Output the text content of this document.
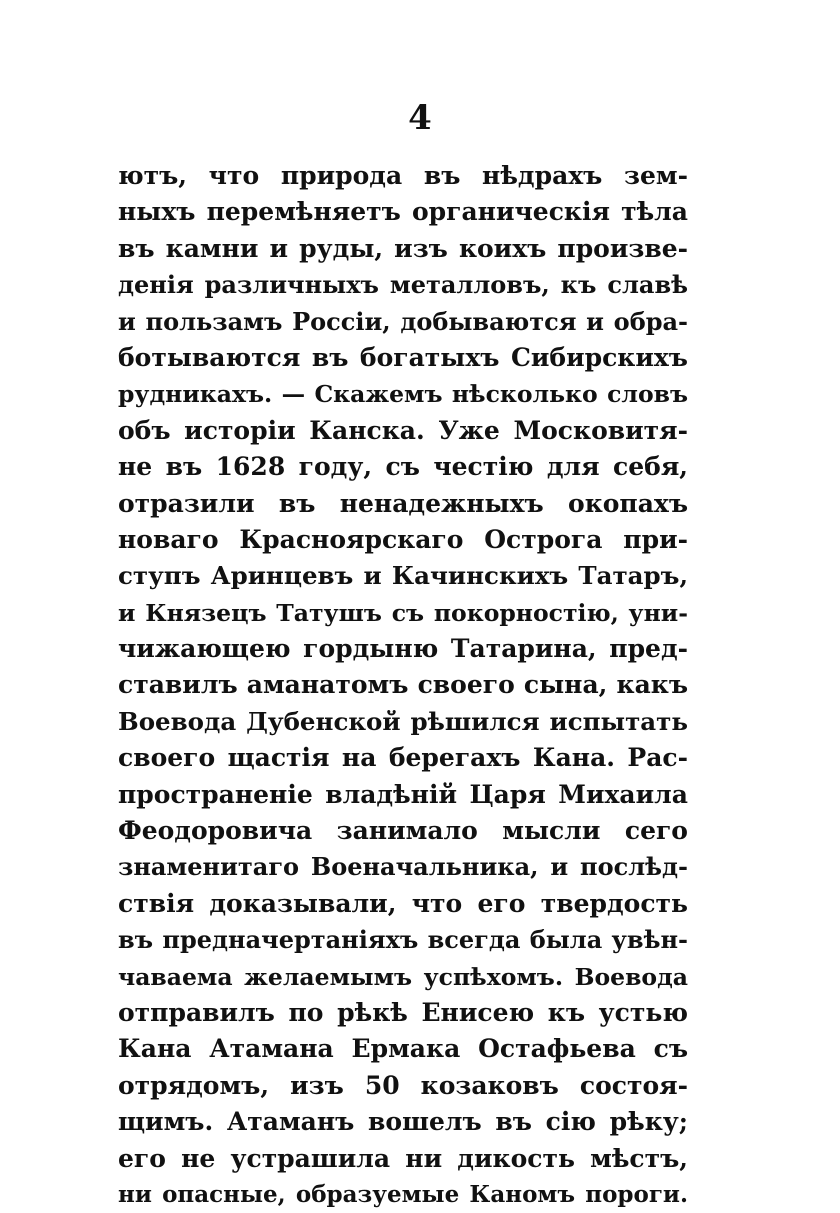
4
ютъ, что природа въ нѣдрахъ зем-
ныхъ перемѣняетъ органическія тѣла
въ камни и руды, изъ коихъ произве-
денія различныхъ металловъ, къ славѣ
и пользамъ Россіи, добываются и обра-
ботываются въ богатыхъ Сибирскихъ
рудникахъ. — Скажемъ нѣсколько словъ
объ исторіи Канска. Уже Московитя-
не въ 1628 году, съ честію для себя,
отразили въ ненадежныхъ окопахъ
новаго Красноярскаго Острога при-
ступъ Аринцевъ и Качинскихъ Татаръ,
и Князецъ Татушъ съ покорностію, уни-
чижающею гордыню Татарина, пред-
ставилъ аманатомъ своего сына, какъ
Воевода Дубенской рѣшился испытать
своего щастія на берегахъ Кана. Рас-
пространеніе владѣній Царя Михаила
Феодоровича занимало мысли сего
знаменитаго Военачальника, и послѣд-
ствія доказывали, что его твердость
въ предначертаніяхъ всегда была увѣн-
чаваема желаемымъ успѣхомъ. Воевода
отправилъ по рѣкѣ Енисею къ устью
Кана Атамана Ермака Остафьева съ
отрядомъ, изъ 50 козаковъ состоя-
щимъ. Атаманъ вошелъ въ сію рѣку;
его не устрашила ни дикость мѣстъ,
ни опасные, образуемые Каномъ пороги.
